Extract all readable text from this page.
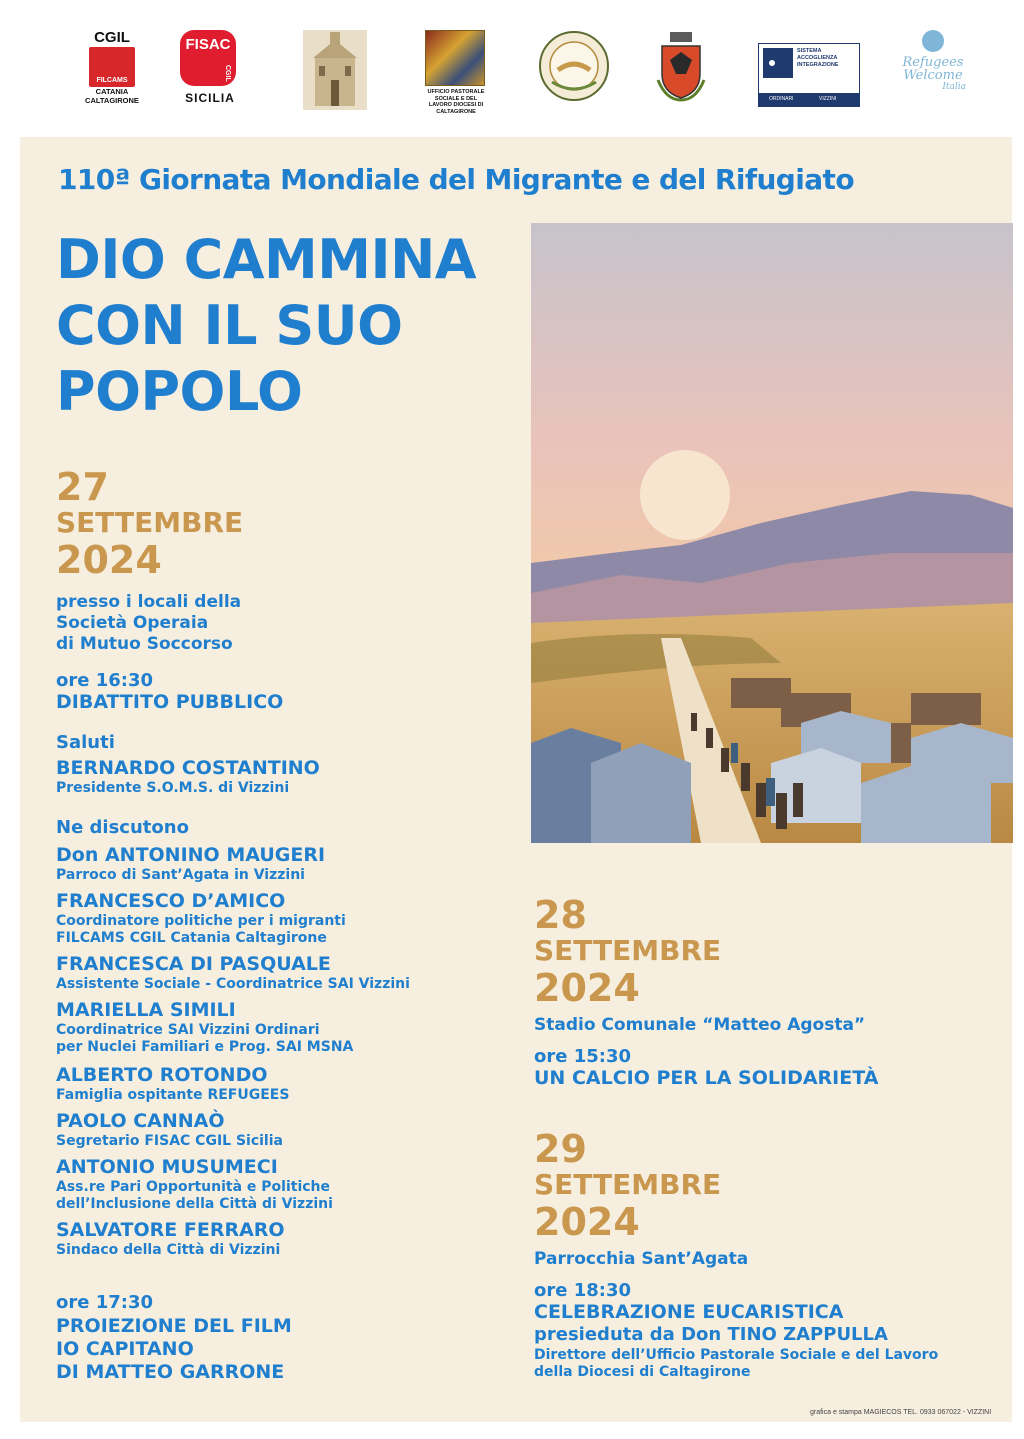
CGIL
FILCAMS
CATANIA
CALTAGIRONE
FISAC
CGIL
SICILIA	UFFICIO PASTORALE SOCIALE E DEL LAVORO DIOCESI DI CALTAGIRONE
SISTEMA ACCOGLIENZA INTEGRAZIONE
ORDINARI	VIZZINI
Refugees
Welcome
Italia
110ª Giornata Mondiale del Migrante e del Rifugiato
DIO CAMMINA
CON IL SUO
POPOLO
27
SETTEMBRE
2024
presso i locali della
Società Operaia
di Mutuo Soccorso
ore 16:30
DIBATTITO PUBBLICO
Saluti
BERNARDO COSTANTINO
Presidente S.O.M.S. di Vizzini
Ne discutono
Don ANTONINO MAUGERI
Parroco di Sant’Agata in Vizzini
FRANCESCO D’AMICO
Coordinatore politiche per i migranti
FILCAMS CGIL Catania Caltagirone
FRANCESCA DI PASQUALE
Assistente Sociale - Coordinatrice SAI Vizzini
MARIELLA SIMILI
Coordinatrice SAI Vizzini Ordinari
per Nuclei Familiari e Prog. SAI MSNA
ALBERTO ROTONDO
Famiglia ospitante REFUGEES
PAOLO CANNAÒ
Segretario FISAC CGIL Sicilia
ANTONIO MUSUMECI
Ass.re Pari Opportunità e Politiche
dell’Inclusione della Città di Vizzini
SALVATORE FERRARO
Sindaco della Città di Vizzini
ore 17:30
PROIEZIONE DEL FILM
IO CAPITANO
DI MATTEO GARRONE
28
SETTEMBRE
2024
Stadio Comunale “Matteo Agosta”
ore 15:30
UN CALCIO PER LA SOLIDARIETÀ
29
SETTEMBRE
2024
Parrocchia Sant’Agata
ore 18:30
CELEBRAZIONE EUCARISTICA
presieduta da Don TINO ZAPPULLA
Direttore dell’Ufficio Pastorale Sociale e del Lavoro
della Diocesi di Caltagirone
grafica e stampa MAGIECOS TEL. 0933 067022 - VIZZINI
